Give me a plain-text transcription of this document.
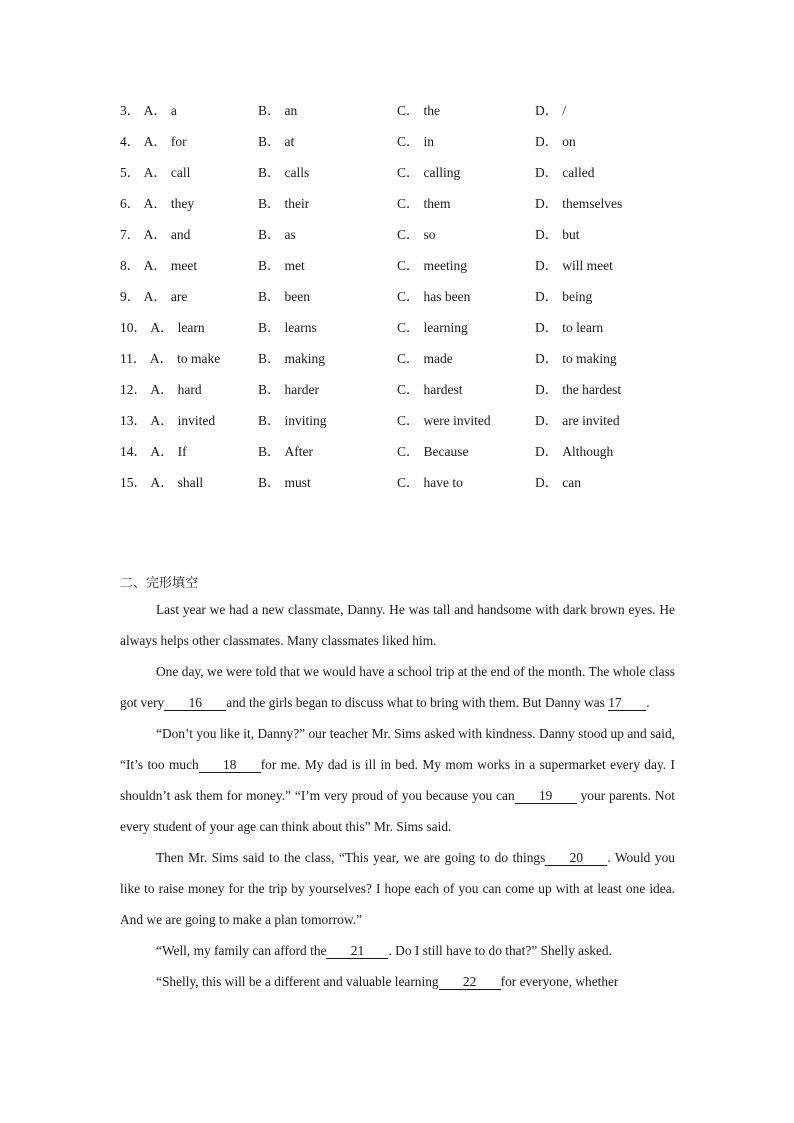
3． A． a	B． an	C． the	D． /
4． A． for	B． at	C． in	D． on
5． A． call	B． calls	C． calling	D． called
6． A． they	B． their	C． them	D． themselves
7． A． and	B． as	C． so	D． but
8． A． meet	B． met	C． meeting	D． will meet
9． A． are	B． been	C． has been	D． being
10． A． learn	B． learns	C． learning	D． to learn
11． A． to make	B． making	C． made	D． to making
12． A． hard	B． harder	C． hardest	D． the hardest
13． A． invited	B． inviting	C． were invited	D． are invited
14． A． If	B． After	C． Because	D． Although
15． A． shall	B． must	C． have to	D． can
二、完形填空

Last year we had a new classmate, Danny. He was tall and handsome with dark brown eyes. He always helps other classmates. Many classmates liked him.

One day, we were told that we would have a school trip at the end of the month. The whole class got very 16 and the girls began to discuss what to bring with them. But Danny was 17 .

“Don’t you like it, Danny?” our teacher Mr. Sims asked with kindness. Danny stood up and said, “It’s too much 18 for me. My dad is ill in bed. My mom works in a supermarket every day. I shouldn’t ask them for money.” “I’m very proud of you because you can 19 your parents. Not every student of your age can think about this” Mr. Sims said.

Then Mr. Sims said to the class, “This year, we are going to do things 20 . Would you like to raise money for the trip by yourselves? I hope each of you can come up with at least one idea. And we are going to make a plan tomorrow.”

“Well, my family can afford the 21 . Do I still have to do that?” Shelly asked.

“Shelly, this will be a different and valuable learning 22 for everyone, whether
